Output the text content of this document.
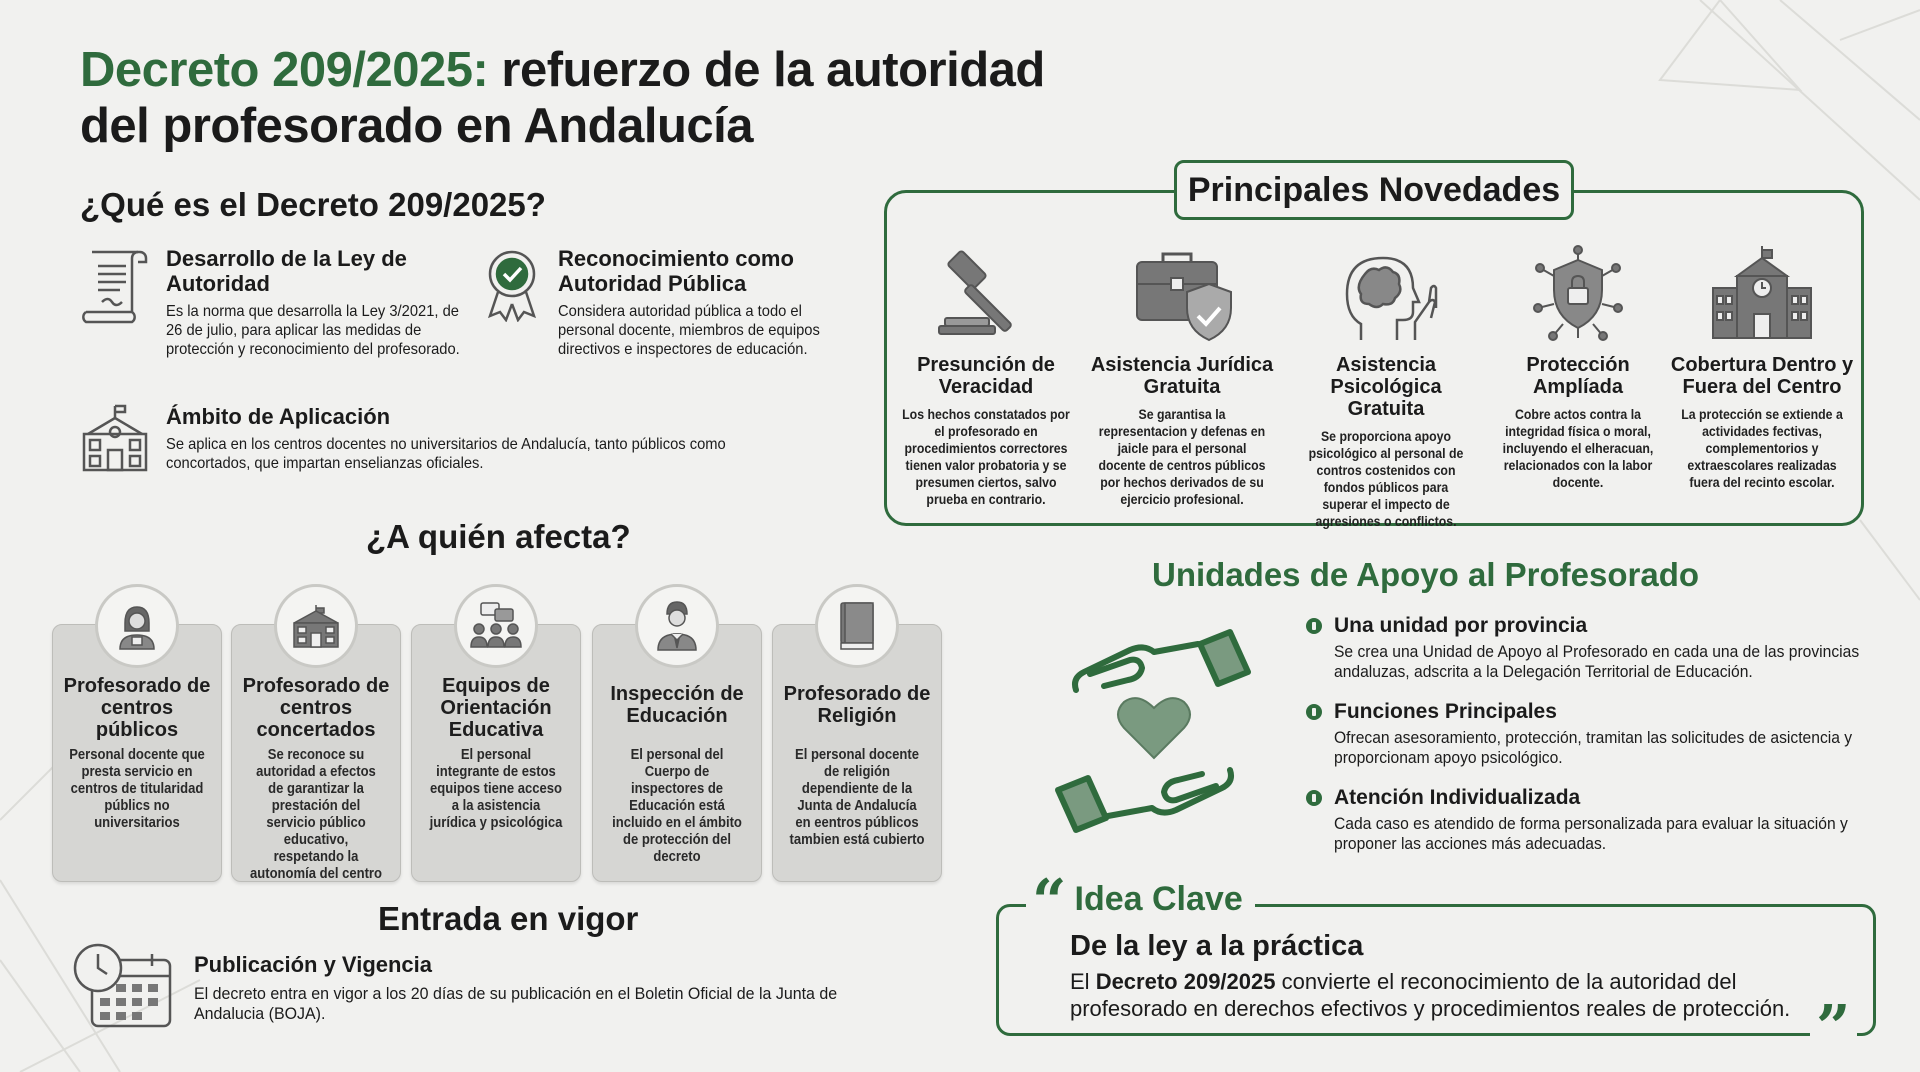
Decreto 209/2025: refuerzo de la autoridad
del profesorado en Andalucía
¿Qué es el Decreto 209/2025?
Desarrollo de la Ley de Autoridad
Es la norma que desarrolla la Ley 3/2021, de 26 de julio, para aplicar las medidas de protección y reconocimiento del profesorado.
Reconocimiento como Autoridad Pública
Considera autoridad pública a todo el personal docente, miembros de equipos directivos e inspectores de educación.
Ámbito de Aplicación
Se aplica en los centros docentes no universitarios de Andalucía, tanto públicos como concortados, que impartan enselianzas oficiales.
¿A quién afecta?
Profesorado de centros públicos
Personal docente que presta servicio en centros de titularidad públics no universitarios
Profesorado de centros concertados
Se reconoce su autoridad a efectos de garantizar la prestación del servicio público educativo, respetando la autonomía del centro
Equipos de Orientación Educativa
El personal integrante de estos equipos tiene acceso a la asistencia jurídica y psicológica
Inspección de Educación
El personal del Cuerpo de inspectores de Educación está incluido en el ámbito de protección del decreto
Profesorado de Religión
El personal docente de religión dependiente de la Junta de Andalucía en eentros públicos tambien está cubierto
Entrada en vigor
Publicación y Vigencia
El decreto entra en vigor a los 20 días de su publicación en el Boletin Oficial de la Junta de Andalucia (BOJA).
Principales Novedades
Presunción de Veracidad
Los hechos constatados por el profesorado en procedimientos correctores tienen valor probatoria y se presumen ciertos, salvo prueba en contrario.
Asistencia Jurídica Gratuita
Se garantisa la representacion y defenas en jaicle para el personal docente de centros públicos por hechos derivados de su ejercicio profesional.
Asistencia Psicológica Gratuita
Se proporciona apoyo psicológico al personal de contros costenidos con fondos públicos para superar el impecto de agresiones o conflictos.
Protección Amplíada
Cobre actos contra la integridad física o moral, incluyendo el elheracuan, relacionados con la labor docente.
Cobertura Dentro y Fuera del Centro
La protección se extiende a actividades fectivas, complementorios y extraescolares realizadas fuera del recinto escolar.
Unidades de Apoyo al Profesorado
Una unidad por provincia
Se crea una Unidad de Apoyo al Profesorado en cada una de las provincias andaluzas, adscrita a la Delegación Territorial de Educación.
Funciones Principales
Ofrecan asesoramiento, protección, tramitan las solicitudes de asictencia y proporcionam apoyo psicológico.
Atención Individualizada
Cada caso es atendido de forma personalizada para evaluar la situación y proponer las acciones más adecuadas.
“ Idea Clave
De la ley a la práctica
El Decreto 209/2025 convierte el reconocimiento de la autoridad del profesorado en derechos efectivos y procedimientos reales de protección. ”
